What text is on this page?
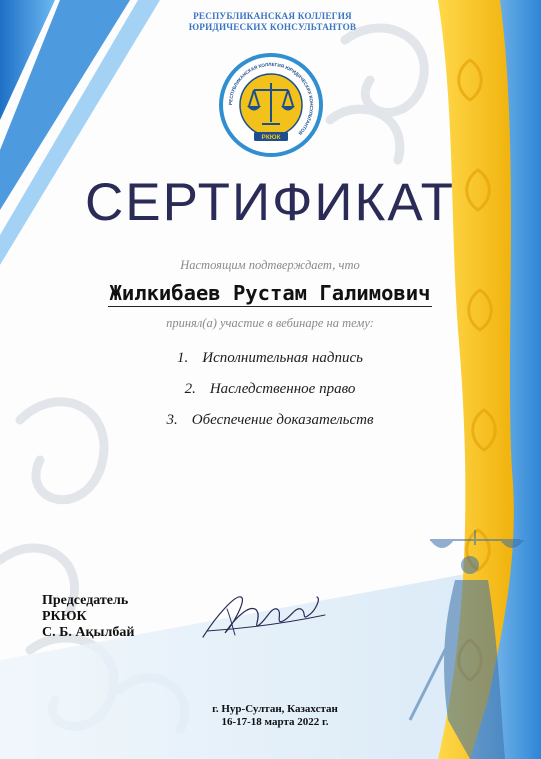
РЕСПУБЛИКАНСКАЯ КОЛЛЕГИЯ
ЮРИДИЧЕСКИХ КОНСУЛЬТАНТОВ
РЕСПУБЛИКАНСКАЯ КОЛЛЕГИЯ ЮРИДИЧЕСКИХ КОНСУЛЬТАНТОВ
РКЮК
СЕРТИФИКАТ
Настоящим подтверждает, что
Жилкибаев Рустам Галимович
принял(а) участие в вебинаре на тему:
1. Исполнительная надпись
2. Наследственное право
3. Обеспечение доказательств
Председатель
РКЮК
С. Б. Ақылбай
г. Нур-Султан, Казахстан
16-17-18 марта 2022 г.
